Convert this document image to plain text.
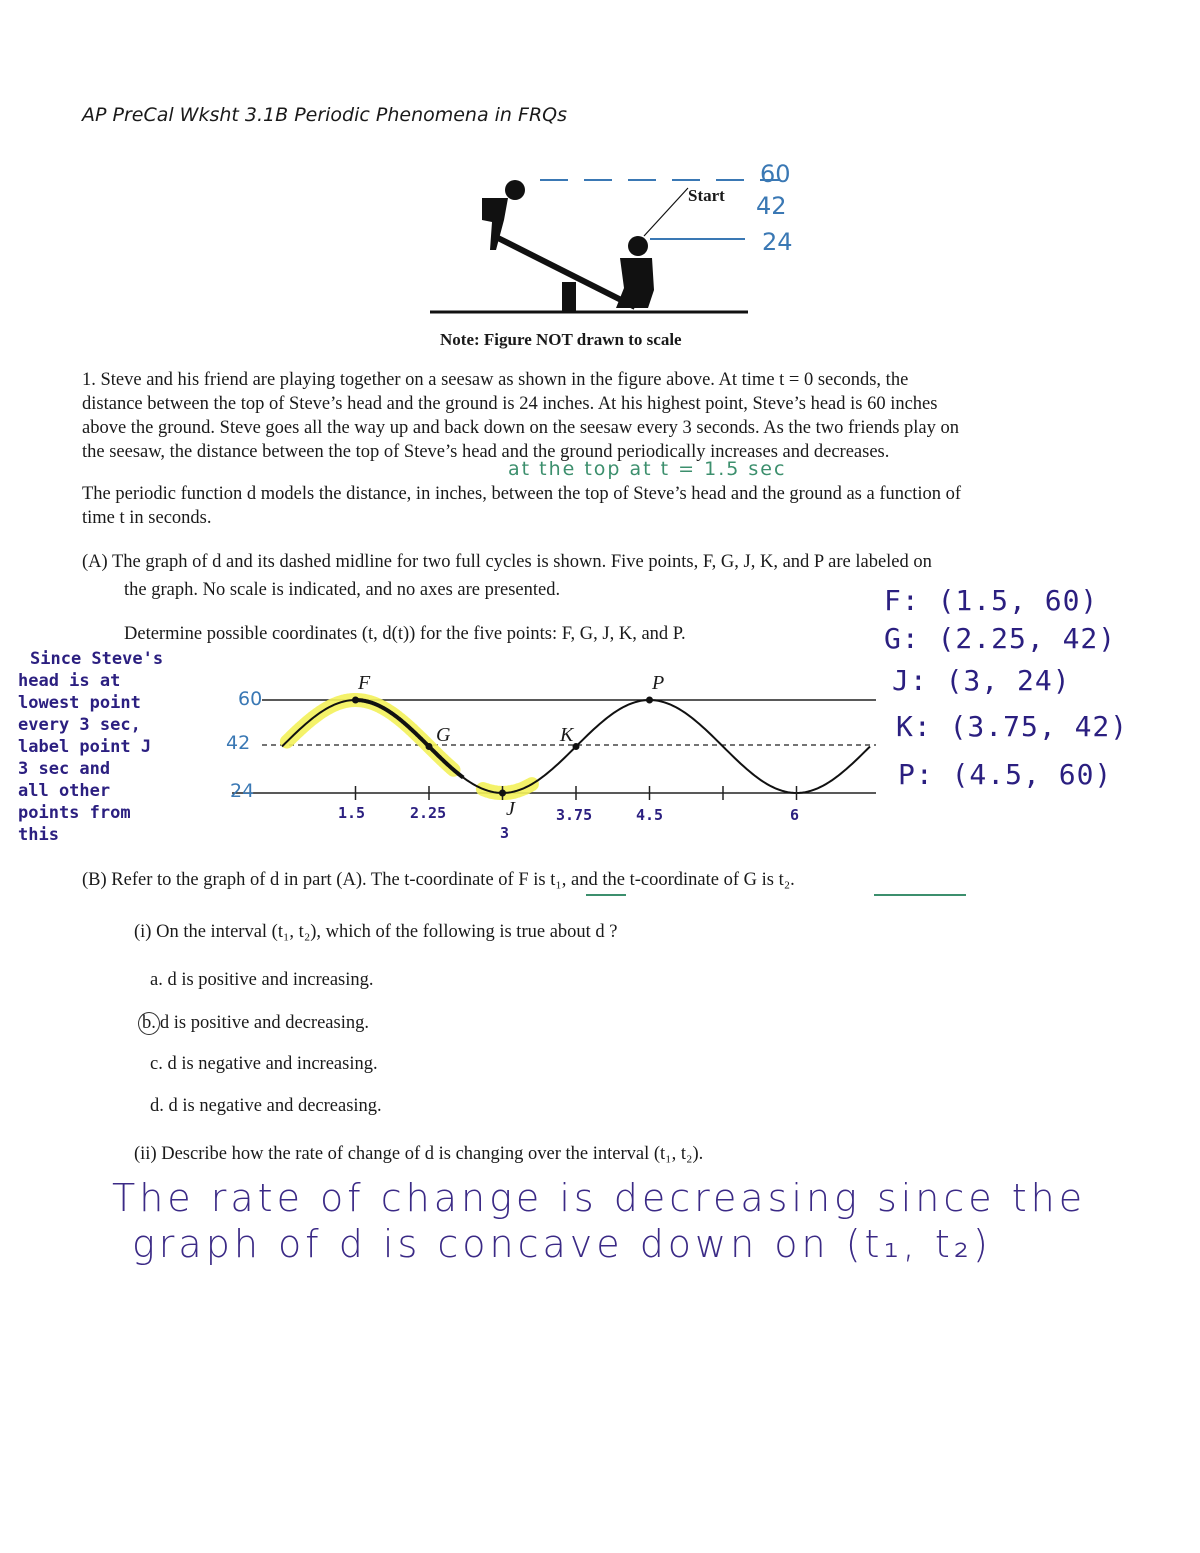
AP PreCal Wksht 3.1B Periodic Phenomena in FRQs
Start
60
42
24
Note: Figure NOT drawn to scale
1. Steve and his friend are playing together on a seesaw as shown in the figure above. At time t = 0 seconds, the
distance between the top of Steve’s head and the ground is 24 inches. At his highest point, Steve’s head is 60 inches
above the ground. Steve goes all the way up and back down on the seesaw every 3 seconds. As the two friends play on
the seesaw, the distance between the top of Steve’s head and the ground periodically increases and decreases.
at the top at t = 1.5 sec
The periodic function d models the distance, in inches, between the top of Steve’s head and the ground as a function of
time t in seconds.
(A) The graph of d and its dashed midline for two full cycles is shown. Five points, F, G, J, K, and P are labeled on
the graph. No scale is indicated, and no axes are presented.
Determine possible coordinates (t, d(t)) for the five points: F, G, J, K, and P.
Since Steve's
head is at
lowest point
every 3 sec,
label point J
3 sec and
all other
points from
this
60
42
24
F
G	K
P
J
1.5	2.25
3
3.75	4.5	6
F: (1.5, 60)
G: (2.25, 42)
J: (3, 24)
K: (3.75, 42)
P: (4.5, 60)
(B) Refer to the graph of d in part (A). The t-coordinate of F is t₁, and the t-coordinate of G is t₂.
(i) On the interval (t₁, t₂), which of the following is true about d ?
a. d is positive and increasing.
b. d is positive and decreasing.
c. d is negative and increasing.
d. d is negative and decreasing.
(ii) Describe how the rate of change of d is changing over the interval (t₁, t₂).
The rate of change is decreasing since the
graph of d is concave down on (t₁, t₂)
